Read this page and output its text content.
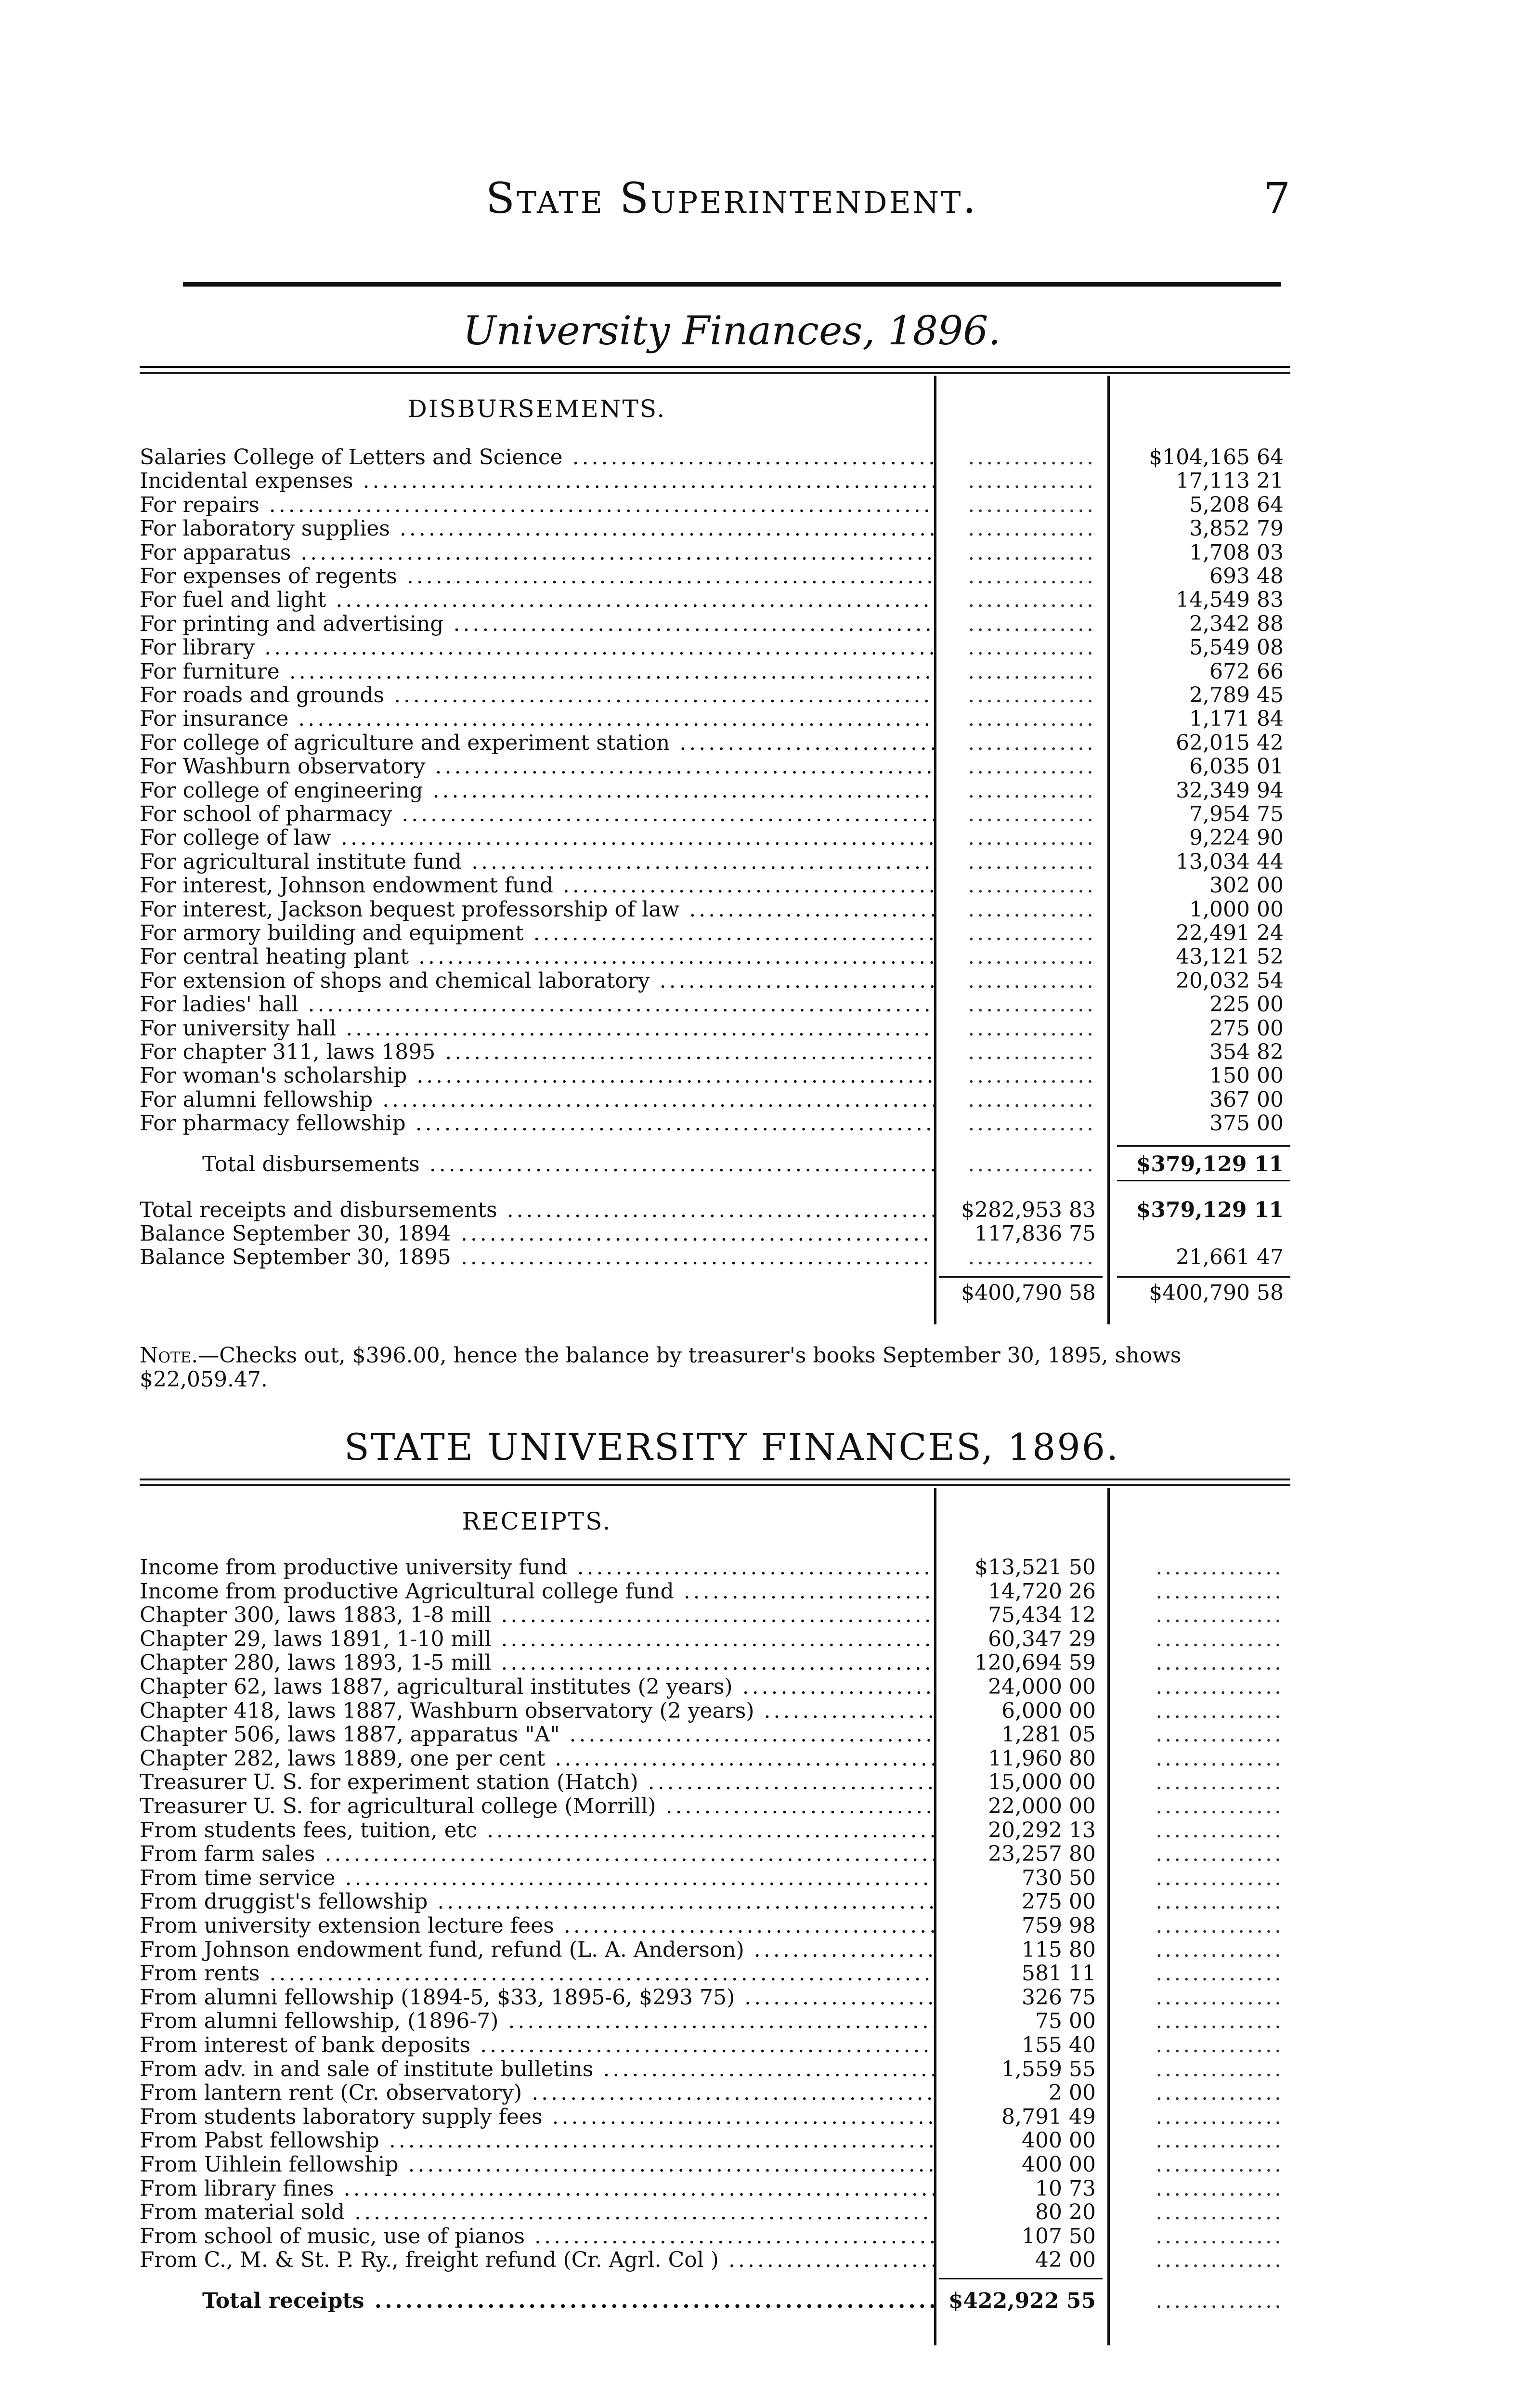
State Superintendent.	7
University Finances, 1896.
DISBURSEMENTS.
Salaries College of Letters and Science .....	..............	$104,165 64
Incidental expenses .....	..............	17,113 21
For repairs .....	..............	5,208 64
For laboratory supplies .....	..............	3,852 79
For apparatus .....	..............	1,708 03
For expenses of regents .....	..............	693 48
For fuel and light .....	..............	14,549 83
For printing and advertising .....	..............	2,342 88
For library .....	..............	5,549 08
For furniture .....	..............	672 66
For roads and grounds .....	..............	2,789 45
For insurance .....	..............	1,171 84
For college of agriculture and experiment station .....	..............	62,015 42
For Washburn observatory .....	..............	6,035 01
For college of engineering .....	..............	32,349 94
For school of pharmacy .....	..............	7,954 75
For college of law .....	..............	9,224 90
For agricultural institute fund .....	..............	13,034 44
For interest, Johnson endowment fund .....	..............	302 00
For interest, Jackson bequest professorship of law .....	..............	1,000 00
For armory building and equipment .....	..............	22,491 24
For central heating plant .....	..............	43,121 52
For extension of shops and chemical laboratory .....	..............	20,032 54
For ladies' hall .....	..............	225 00
For university hall .....	..............	275 00
For chapter 311, laws 1895 .....	..............	354 82
For woman's scholarship .....	..............	150 00
For alumni fellowship .....	..............	367 00
For pharmacy fellowship .....	..............	375 00
Total disbursements .....	..............	$379,129 11
Total receipts and disbursements .....	$282,953 83	$379,129 11
Balance September 30, 1894 .....	117,836 75
Balance September 30, 1895 .....	..............	21,661 47
$400,790 58	$400,790 58
STATE UNIVERSITY FINANCES, 1896.
RECEIPTS.
Income from productive university fund .....	$13,521 50	..............
Income from productive Agricultural college fund .....	14,720 26	..............
Chapter 300, laws 1883, 1-8 mill .....	75,434 12	..............
Chapter 29, laws 1891, 1-10 mill .....	60,347 29	..............
Chapter 280, laws 1893, 1-5 mill .....	120,694 59	..............
Chapter 62, laws 1887, agricultural institutes (2 years) .....	24,000 00	..............
Chapter 418, laws 1887, Washburn observatory (2 years) .....	6,000 00	..............
Chapter 506, laws 1887, apparatus "A" .....	1,281 05	..............
Chapter 282, laws 1889, one per cent .....	11,960 80	..............
Treasurer U. S. for experiment station (Hatch) .....	15,000 00	..............
Treasurer U. S. for agricultural college (Morrill) .....	22,000 00	..............
From students fees, tuition, etc .....	20,292 13	..............
From farm sales .....	23,257 80	..............
From time service .....	730 50	..............
From druggist's fellowship .....	275 00	..............
From university extension lecture fees .....	759 98	..............
From Johnson endowment fund, refund (L. A. Anderson) .....	115 80	..............
From rents .....	581 11	..............
From alumni fellowship (1894-5, $33, 1895-6, $293 75) .....	326 75	..............
From alumni fellowship, (1896-7) .....	75 00	..............
From interest of bank deposits .....	155 40	..............
From adv. in and sale of institute bulletins .....	1,559 55	..............
From lantern rent (Cr. observatory) .....	2 00	..............
From students laboratory supply fees .....	8,791 49	..............
From Pabst fellowship .....	400 00	..............
From Uihlein fellowship .....	400 00	..............
From library fines .....	10 73	..............
From material sold .....	80 20	..............
From school of music, use of pianos .....	107 50	..............
From C., M. & St. P. Ry., freight refund (Cr. Agrl. Col ) .....	42 00	..............
Total receipts .....	$422,922 55	..............
Note.—Checks out, $396.00, hence the balance by treasurer's books September 30, 1895, shows $22,059.47.
